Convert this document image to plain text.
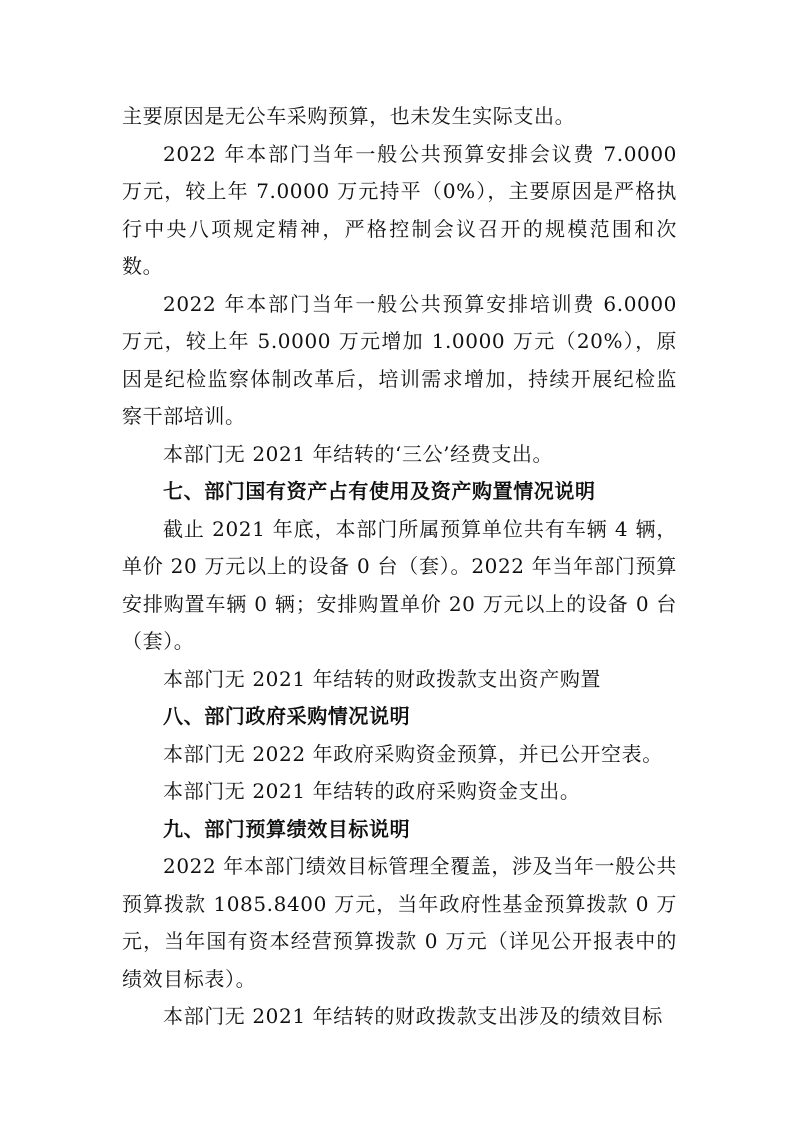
主要原因是无公车采购预算，也未发生实际支出。

2022 年本部门当年一般公共预算安排会议费 7.0000 万元，较上年 7.0000 万元持平（0%），主要原因是严格执行中央八项规定精神，严格控制会议召开的规模范围和次数。

2022 年本部门当年一般公共预算安排培训费 6.0000 万元，较上年 5.0000 万元增加 1.0000 万元（20%），原因是纪检监察体制改革后，培训需求增加，持续开展纪检监察干部培训。

本部门无 2021 年结转的‘三公’经费支出。

七、部门国有资产占有使用及资产购置情况说明

截止 2021 年底，本部门所属预算单位共有车辆 4 辆，单价 20 万元以上的设备 0 台（套）。2022 年当年部门预算安排购置车辆 0 辆；安排购置单价 20 万元以上的设备 0 台（套）。

本部门无 2021 年结转的财政拨款支出资产购置

八、部门政府采购情况说明

本部门无 2022 年政府采购资金预算，并已公开空表。

本部门无 2021 年结转的政府采购资金支出。

九、部门预算绩效目标说明

2022 年本部门绩效目标管理全覆盖，涉及当年一般公共预算拨款 1085.8400 万元，当年政府性基金预算拨款 0 万元，当年国有资本经营预算拨款 0 万元（详见公开报表中的绩效目标表）。

本部门无 2021 年结转的财政拨款支出涉及的绩效目标
